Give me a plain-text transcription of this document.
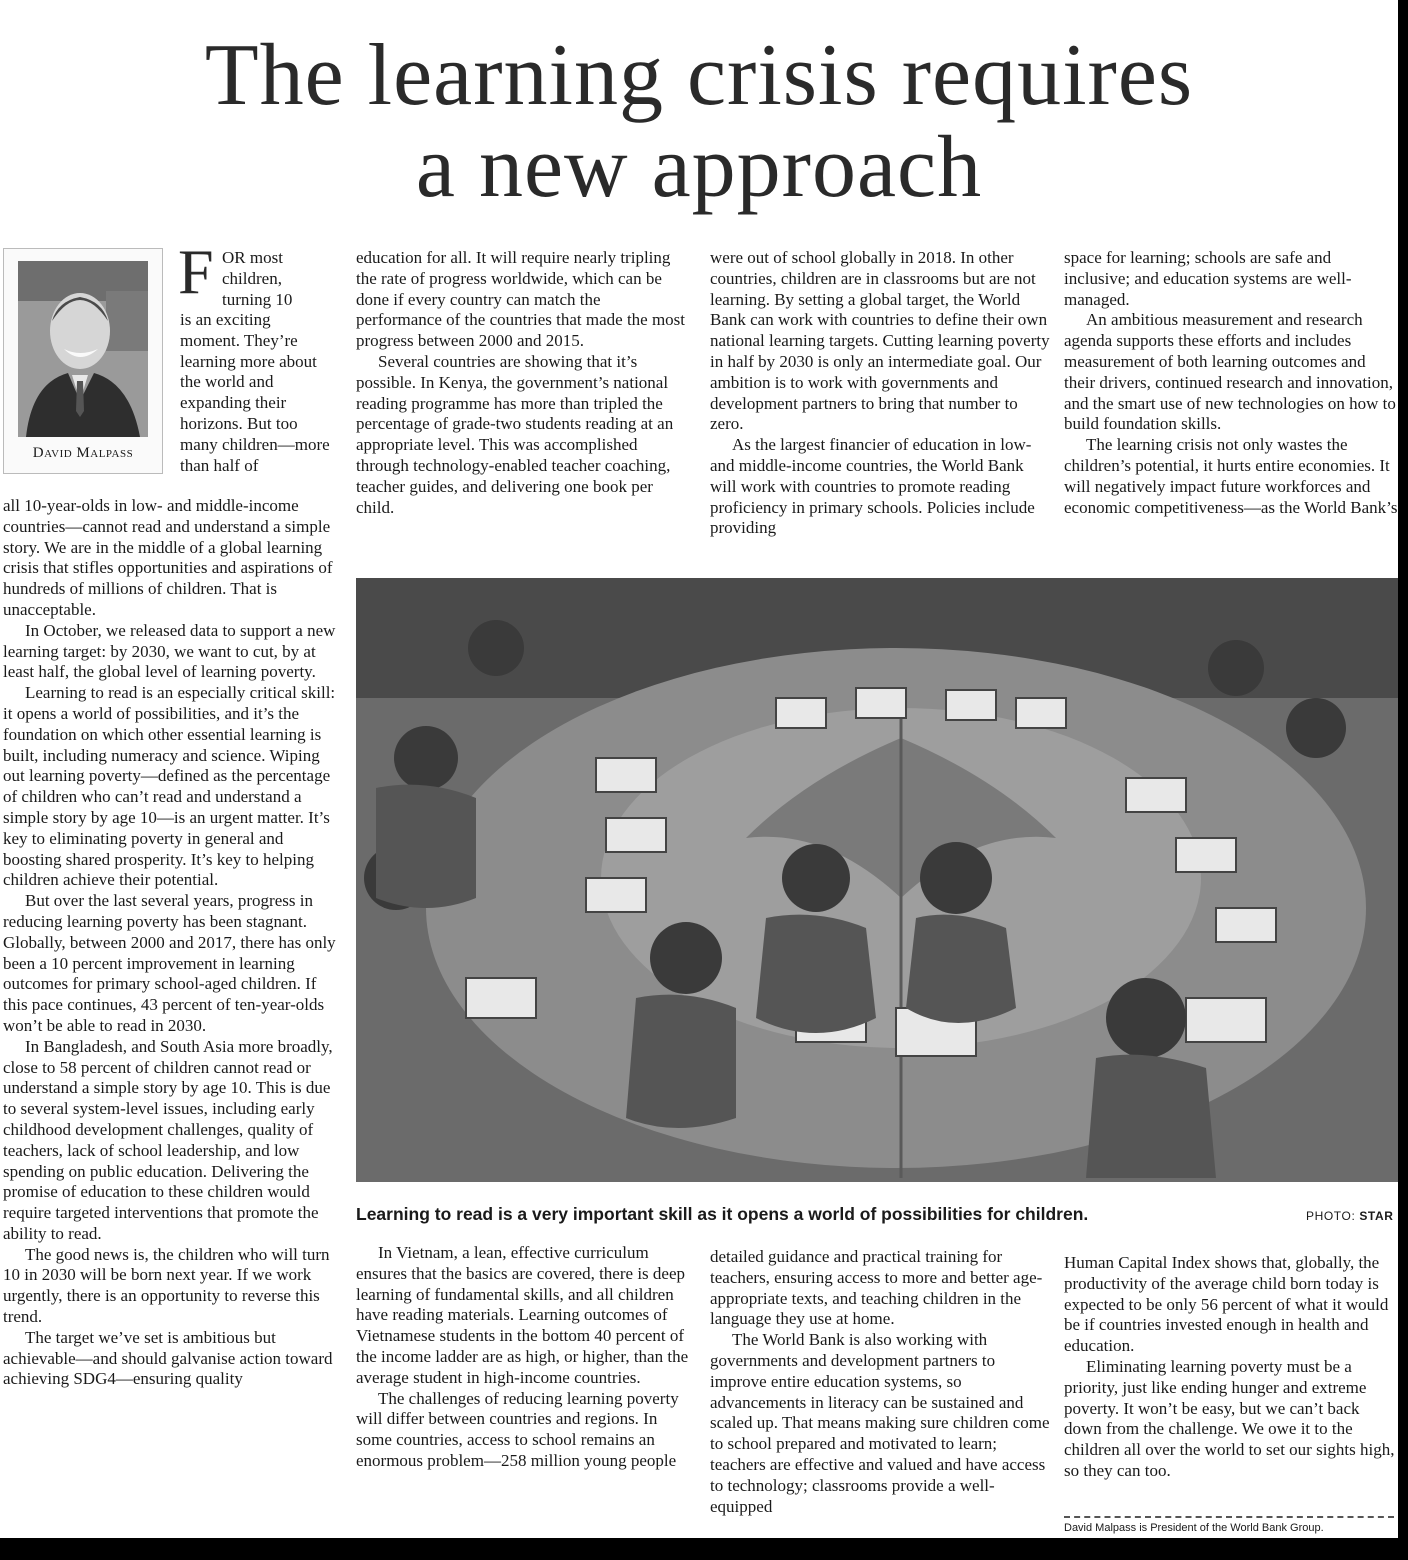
The learning crisis requires
a new approach
David Malpass
F OR most children, turning 10
is an exciting moment. They’re learning more about the world and expanding their horizons. But too many children—more than half of

all 10-year-olds in low- and middle-income countries—cannot read and understand a simple story. We are in the middle of a global learning crisis that stifles opportunities and aspirations of hundreds of millions of children. That is unacceptable.

In October, we released data to support a new learning target: by 2030, we want to cut, by at least half, the global level of learning poverty.

Learning to read is an especially critical skill: it opens a world of possibilities, and it’s the foundation on which other essential learning is built, including numeracy and science. Wiping out learning poverty—defined as the percentage of children who can’t read and understand a simple story by age 10—is an urgent matter. It’s key to eliminating poverty in general and boosting shared prosperity. It’s key to helping children achieve their potential.

But over the last several years, progress in reducing learning poverty has been stagnant. Globally, between 2000 and 2017, there has only been a 10 percent improvement in learning outcomes for primary school-aged children. If this pace continues, 43 percent of ten-year-olds won’t be able to read in 2030.

In Bangladesh, and South Asia more broadly, close to 58 percent of children cannot read or understand a simple story by age 10. This is due to several system-level issues, including early childhood development challenges, quality of teachers, lack of school leadership, and low spending on public education. Delivering the promise of education to these children would require targeted interventions that promote the ability to read.

The good news is, the children who will turn 10 in 2030 will be born next year. If we work urgently, there is an opportunity to reverse this trend.

The target we’ve set is ambitious but achievable—and should galvanise action toward achieving SDG4—ensuring quality

education for all. It will require nearly tripling the rate of progress worldwide, which can be done if every country can match the performance of the countries that made the most progress between 2000 and 2015.

Several countries are showing that it’s possible. In Kenya, the government’s national reading programme has more than tripled the percentage of grade-two students reading at an appropriate level. This was accomplished through technology-enabled teacher coaching, teacher guides, and delivering one book per child.

were out of school globally in 2018. In other countries, children are in classrooms but are not learning. By setting a global target, the World Bank can work with countries to define their own national learning targets. Cutting learning poverty in half by 2030 is only an intermediate goal. Our ambition is to work with governments and development partners to bring that number to zero.

As the largest financier of education in low- and middle-income countries, the World Bank will work with countries to promote reading proficiency in primary schools. Policies include providing

space for learning; schools are safe and inclusive; and education systems are well-managed.

An ambitious measurement and research agenda supports these efforts and includes measurement of both learning outcomes and their drivers, continued research and innovation, and the smart use of new technologies on how to build foundation skills.

The learning crisis not only wastes the children’s potential, it hurts entire economies. It will negatively impact future workforces and economic competitiveness—as the World Bank’s

Learning to read is a very important skill as it opens a world of possibilities for children.	PHOTO: STAR

In Vietnam, a lean, effective curriculum ensures that the basics are covered, there is deep learning of fundamental skills, and all children have reading materials. Learning outcomes of Vietnamese students in the bottom 40 percent of the income ladder are as high, or higher, than the average student in high-income countries.

The challenges of reducing learning poverty will differ between countries and regions. In some countries, access to school remains an enormous problem—258 million young people

detailed guidance and practical training for teachers, ensuring access to more and better age-appropriate texts, and teaching children in the language they use at home.

The World Bank is also working with governments and development partners to improve entire education systems, so advancements in literacy can be sustained and scaled up. That means making sure children come to school prepared and motivated to learn; teachers are effective and valued and have access to technology; classrooms provide a well-equipped

Human Capital Index shows that, globally, the productivity of the average child born today is expected to be only 56 percent of what it would be if countries invested enough in health and education.

Eliminating learning poverty must be a priority, just like ending hunger and extreme poverty. It won’t be easy, but we can’t back down from the challenge. We owe it to the children all over the world to set our sights high, so they can too.

David Malpass is President of the World Bank Group.
